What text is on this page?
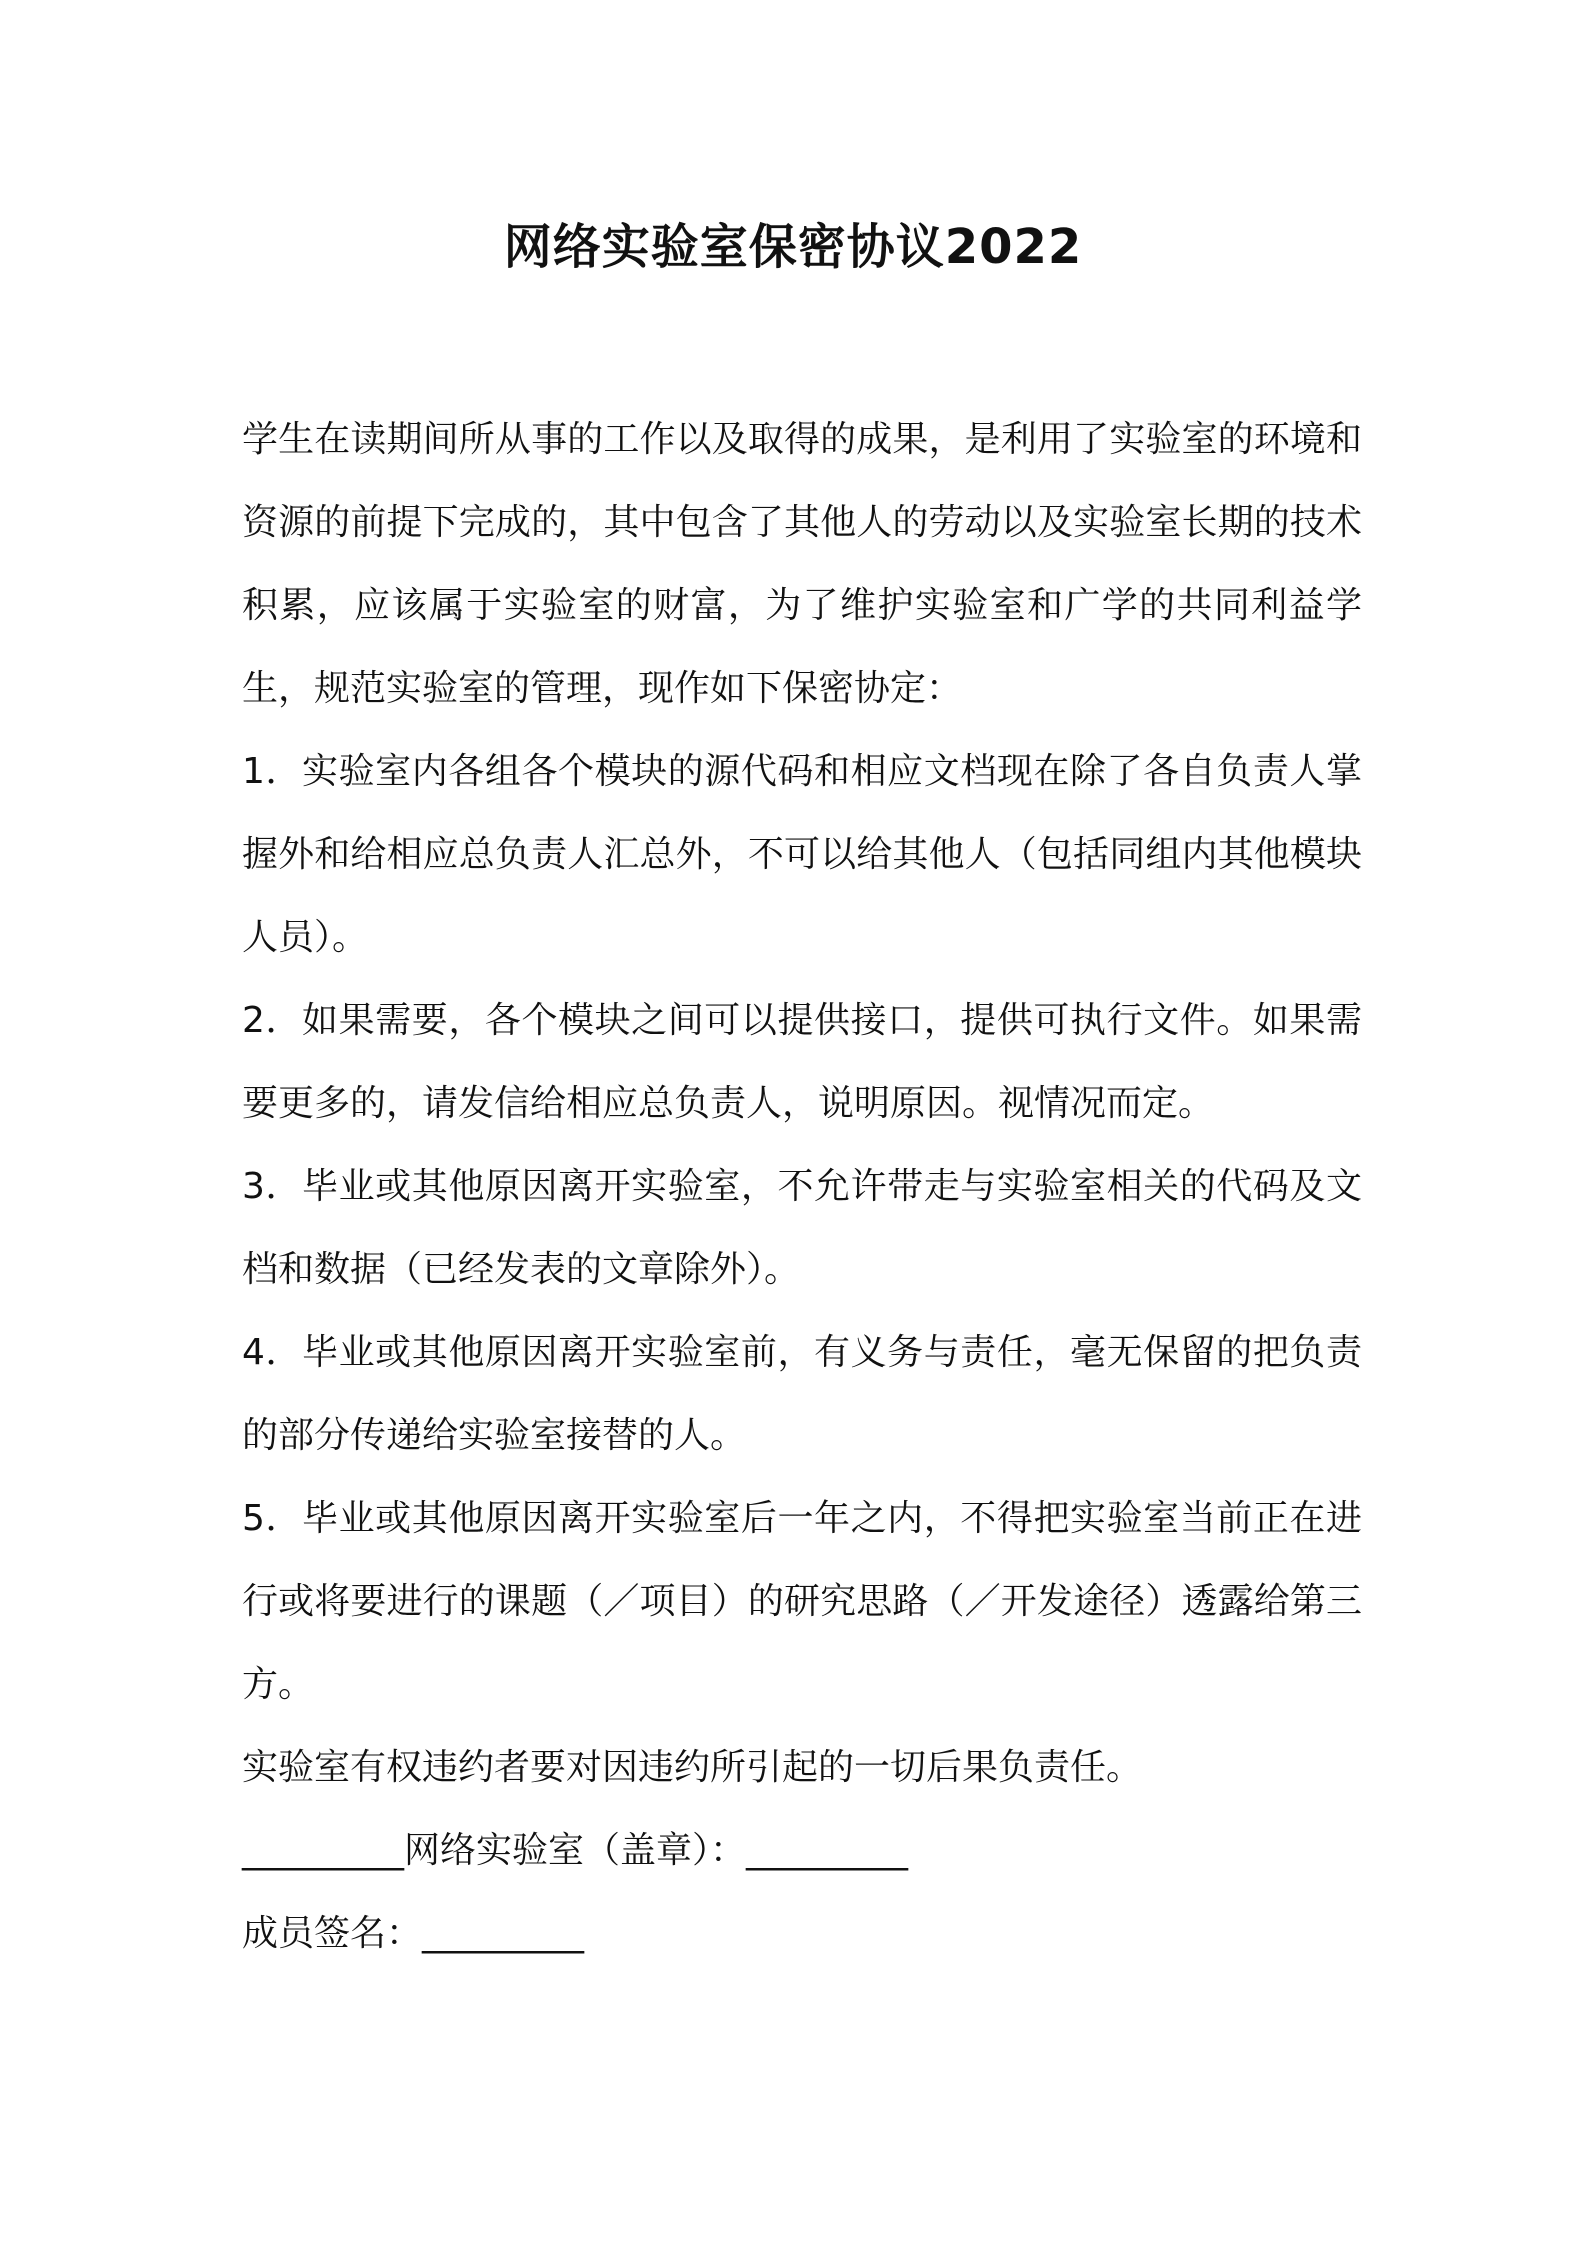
网络实验室保密协议2022

学生在读期间所从事的工作以及取得的成果，是利用了实验室的环境和资源的前提下完成的，其中包含了其他人的劳动以及实验室长期的技术积累，应该属于实验室的财富，为了维护实验室和广学的共同利益学生，规范实验室的管理，现作如下保密协定：

1．实验室内各组各个模块的源代码和相应文档现在除了各自负责人掌握外和给相应总负责人汇总外，不可以给其他人（包括同组内其他模块人员）。

2．如果需要，各个模块之间可以提供接口，提供可执行文件。如果需要更多的，请发信给相应总负责人，说明原因。视情况而定。

3．毕业或其他原因离开实验室，不允许带走与实验室相关的代码及文档和数据（已经发表的文章除外）。

4．毕业或其他原因离开实验室前，有义务与责任，毫无保留的把负责的部分传递给实验室接替的人。

5．毕业或其他原因离开实验室后一年之内，不得把实验室当前正在进行或将要进行的课题（／项目）的研究思路（／开发途径）透露给第三方。

实验室有权违约者要对因违约所引起的一切后果负责任。

_________网络实验室（盖章）：_________

成员签名：_________
